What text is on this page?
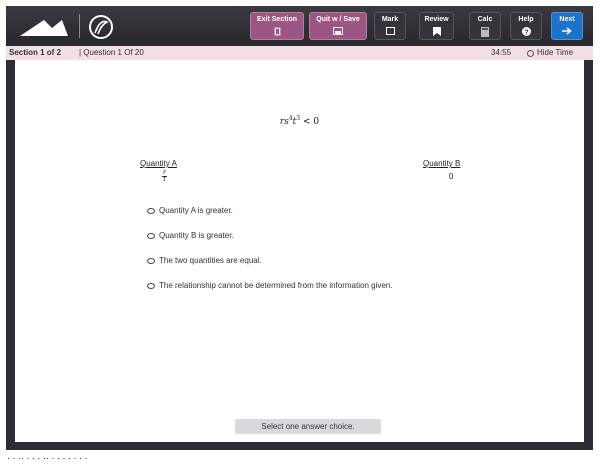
Exit Section	Quit w / Save	Mark	Review	Calc	Help
?
Next
Section 1 of 2 | Question 1 Of 20	34:55	Hide Time
$rs^4t^3 < 0$
Quantity A
r
t
Quantity B
0
Quantity A is greater.
Quantity B is greater.
The two quantities are equal.
The relationship cannot be determined from the information given.
Select one answer choice.
· · ·· · · · ·· · · · · · · ·
